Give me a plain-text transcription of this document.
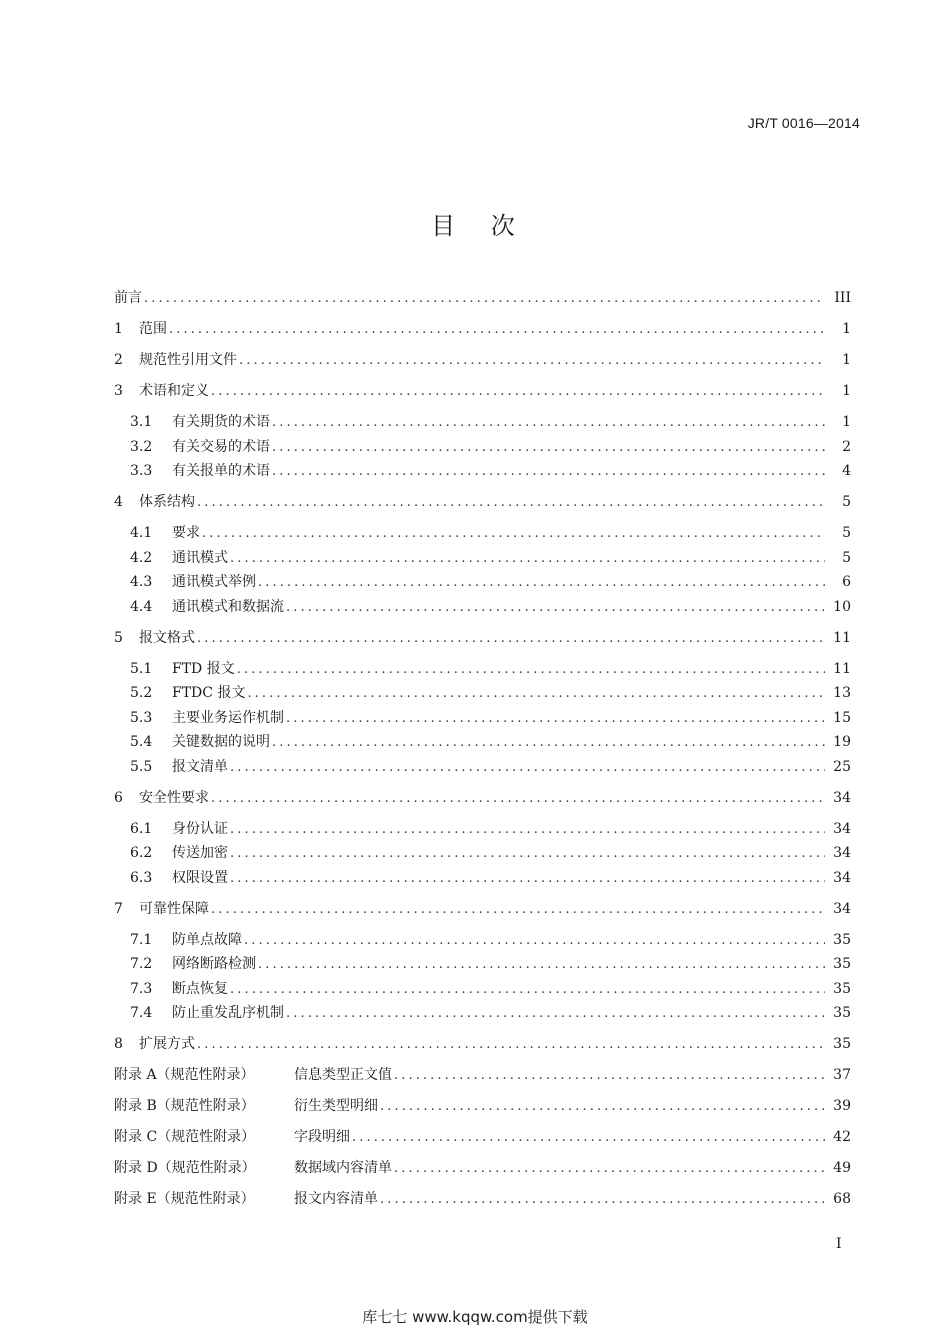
JR/T 0016—2014
目 次
前言 .....	III
1	范围 .....	1
2	规范性引用文件 .....	1
3	术语和定义 .....	1
3.1	有关期货的术语 .....	1
3.2	有关交易的术语 .....	2
3.3	有关报单的术语 .....	4
4	体系结构 .....	5
4.1	要求 .....	5
4.2	通讯模式 .....	5
4.3	通讯模式举例 .....	6
4.4	通讯模式和数据流 .....	10
5	报文格式 .....	11
5.1	FTD 报文 .....	11
5.2	FTDC 报文 .....	13
5.3	主要业务运作机制 .....	15
5.4	关键数据的说明 .....	19
5.5	报文清单 .....	25
6	安全性要求 .....	34
6.1	身份认证 .....	34
6.2	传送加密 .....	34
6.3	权限设置 .....	34
7	可靠性保障 .....	34
7.1	防单点故障 .....	35
7.2	网络断路检测 .....	35
7.3	断点恢复 .....	35
7.4	防止重发乱序机制 .....	35
8	扩展方式 .....	35
附录 A（规范性附录）	信息类型正文值 .....	37
附录 B（规范性附录）	衍生类型明细 .....	39
附录 C（规范性附录）	字段明细 .....	42
附录 D（规范性附录）	数据域内容清单 .....	49
附录 E（规范性附录）	报文内容清单 .....	68
I
库七七 www.kqqw.com提供下载
